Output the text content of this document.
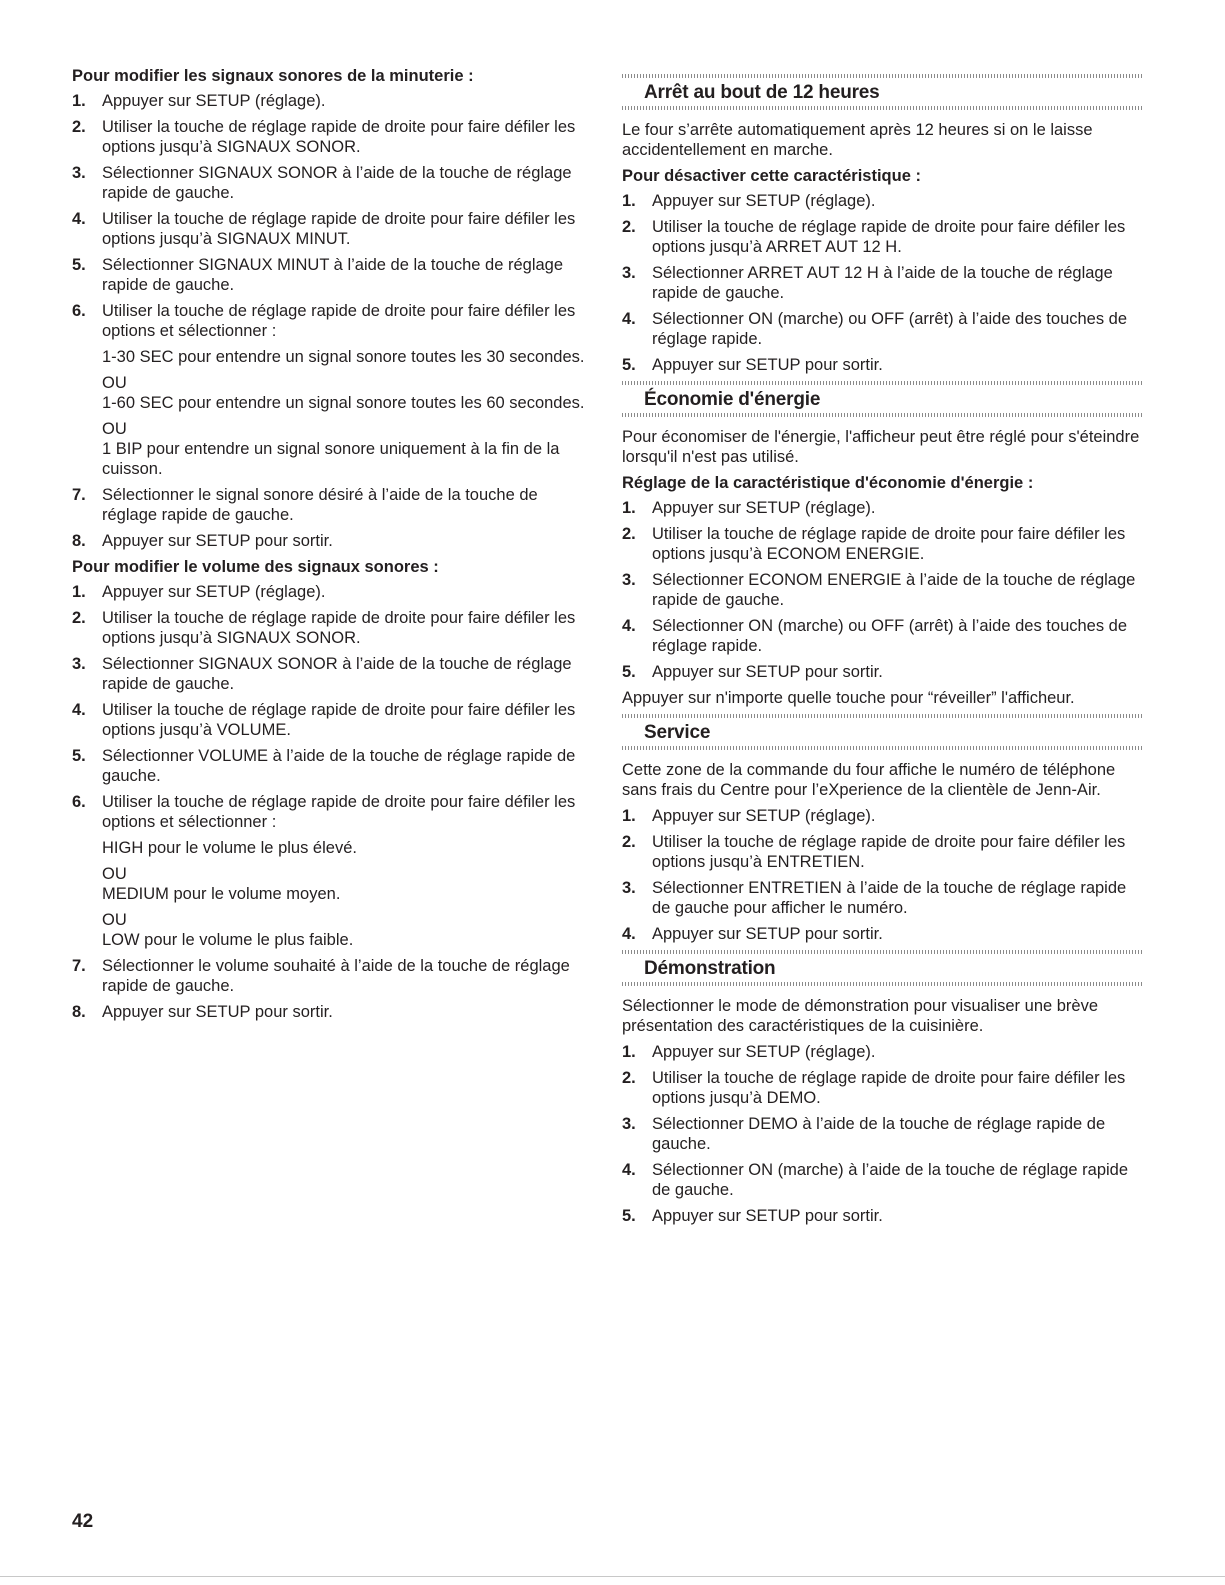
Pour modifier les signaux sonores de la minuterie :
1. Appuyer sur SETUP (réglage).
2. Utiliser la touche de réglage rapide de droite pour faire défiler les options jusqu’à SIGNAUX SONOR.
3. Sélectionner SIGNAUX SONOR à l’aide de la touche de réglage rapide de gauche.
4. Utiliser la touche de réglage rapide de droite pour faire défiler les options jusqu’à SIGNAUX MINUT.
5. Sélectionner SIGNAUX MINUT à l’aide de la touche de réglage rapide de gauche.
6. Utiliser la touche de réglage rapide de droite pour faire défiler les options et sélectionner :
1-30 SEC pour entendre un signal sonore toutes les 30 secondes.
OU
1-60 SEC pour entendre un signal sonore toutes les 60 secondes.
OU
1 BIP pour entendre un signal sonore uniquement à la fin de la cuisson.
7. Sélectionner le signal sonore désiré à l’aide de la touche de réglage rapide de gauche.
8. Appuyer sur SETUP pour sortir.
Pour modifier le volume des signaux sonores :
1. Appuyer sur SETUP (réglage).
2. Utiliser la touche de réglage rapide de droite pour faire défiler les options jusqu’à SIGNAUX SONOR.
3. Sélectionner SIGNAUX SONOR à l’aide de la touche de réglage rapide de gauche.
4. Utiliser la touche de réglage rapide de droite pour faire défiler les options jusqu’à VOLUME.
5. Sélectionner VOLUME à l’aide de la touche de réglage rapide de gauche.
6. Utiliser la touche de réglage rapide de droite pour faire défiler les options et sélectionner :
HIGH pour le volume le plus élevé.
OU
MEDIUM pour le volume moyen.
OU
LOW pour le volume le plus faible.
7. Sélectionner le volume souhaité à l’aide de la touche de réglage rapide de gauche.
8. Appuyer sur SETUP pour sortir.
Arrêt au bout de 12 heures

Le four s’arrête automatiquement après 12 heures si on le laisse accidentellement en marche.

Pour désactiver cette caractéristique :
1. Appuyer sur SETUP (réglage).
2. Utiliser la touche de réglage rapide de droite pour faire défiler les options jusqu’à ARRET AUT 12 H.
3. Sélectionner ARRET AUT 12 H à l’aide de la touche de réglage rapide de gauche.
4. Sélectionner ON (marche) ou OFF (arrêt) à l’aide des touches de réglage rapide.
5. Appuyer sur SETUP pour sortir.
Économie d'énergie

Pour économiser de l'énergie, l'afficheur peut être réglé pour s'éteindre lorsqu'il n'est pas utilisé.

Réglage de la caractéristique d'économie d'énergie :
1. Appuyer sur SETUP (réglage).
2. Utiliser la touche de réglage rapide de droite pour faire défiler les options jusqu’à ECONOM ENERGIE.
3. Sélectionner ECONOM ENERGIE à l’aide de la touche de réglage rapide de gauche.
4. Sélectionner ON (marche) ou OFF (arrêt) à l’aide des touches de réglage rapide.
5. Appuyer sur SETUP pour sortir.

Appuyer sur n'importe quelle touche pour “réveiller” l'afficheur.

Service

Cette zone de la commande du four affiche le numéro de téléphone sans frais du Centre pour l’eXperience de la clientèle de Jenn-Air.

1. Appuyer sur SETUP (réglage).
2. Utiliser la touche de réglage rapide de droite pour faire défiler les options jusqu’à ENTRETIEN.
3. Sélectionner ENTRETIEN à l’aide de la touche de réglage rapide de gauche pour afficher le numéro.
4. Appuyer sur SETUP pour sortir.
Démonstration

Sélectionner le mode de démonstration pour visualiser une brève présentation des caractéristiques de la cuisinière.

1. Appuyer sur SETUP (réglage).
2. Utiliser la touche de réglage rapide de droite pour faire défiler les options jusqu’à DEMO.
3. Sélectionner DEMO à l’aide de la touche de réglage rapide de gauche.
4. Sélectionner ON (marche) à l’aide de la touche de réglage rapide de gauche.
5. Appuyer sur SETUP pour sortir.
42
